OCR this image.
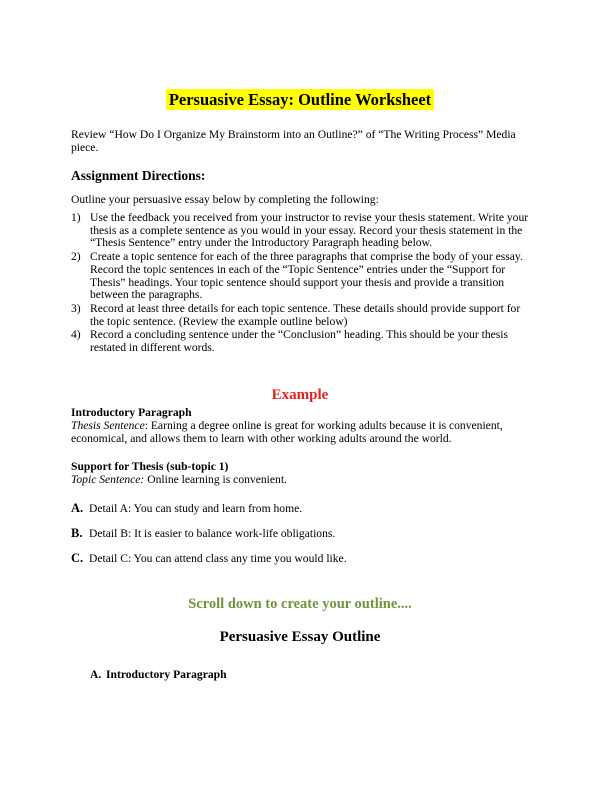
Persuasive Essay: Outline Worksheet
Review “How Do I Organize My Brainstorm into an Outline?” of “The Writing Process” Media piece.
Assignment Directions:
Outline your persuasive essay below by completing the following:
1) Use the feedback you received from your instructor to revise your thesis statement. Write your thesis as a complete sentence as you would in your essay. Record your thesis statement in the “Thesis Sentence” entry under the Introductory Paragraph heading below.
2) Create a topic sentence for each of the three paragraphs that comprise the body of your essay. Record the topic sentences in each of the “Topic Sentence” entries under the “Support for Thesis” headings. Your topic sentence should support your thesis and provide a transition between the paragraphs.
3) Record at least three details for each topic sentence. These details should provide support for the topic sentence. (Review the example outline below)
4) Record a concluding sentence under the “Conclusion” heading. This should be your thesis restated in different words.
Example
Introductory Paragraph
Thesis Sentence: Earning a degree online is great for working adults because it is convenient, economical, and allows them to learn with other working adults around the world.
Support for Thesis (sub-topic 1)
Topic Sentence: Online learning is convenient.
A. Detail A: You can study and learn from home.
B. Detail B: It is easier to balance work-life obligations.
C. Detail C: You can attend class any time you would like.
Scroll down to create your outline....
Persuasive Essay Outline
A. Introductory Paragraph
